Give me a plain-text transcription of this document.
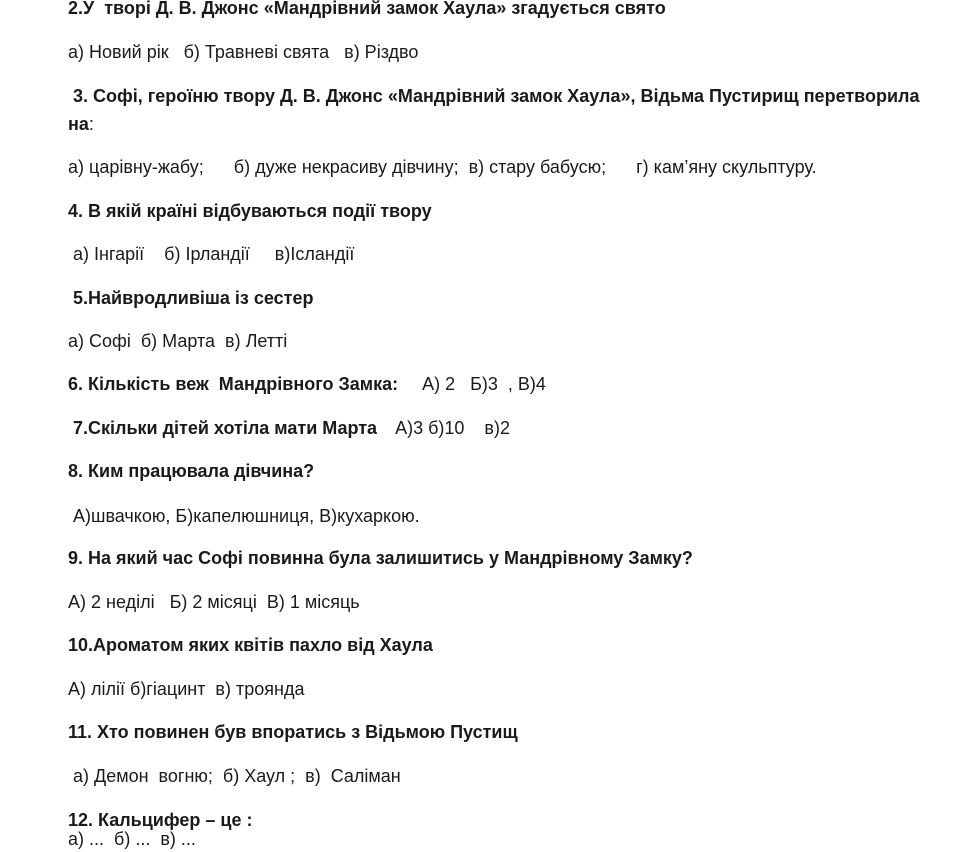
2.У  творі Д. В. Джонс «Мандрівний замок Хаула» згадується свято
а) Новий рік   б) Травневі свята   в) Різдво
3. Софі, героїню твору Д. В. Джонс «Мандрівний замок Хаула», Відьма Пустирищ перетворила
на:
а) царівну-жабу;      б) дуже некрасиву дівчину;  в) стару бабусю;      г) кам’яну скульптуру.
4. В якій країні відбуваються події твору
а) Інгарії    б) Ірландії     в)Ісландії
5.Найвродливіша із сестер
а) Софі  б) Марта  в) Летті
6. Кількість веж  Мандрівного Замка: А) 2   Б)3  , В)4
7.Скільки дітей хотіла мати Марта А)3 б)10    в)2
8. Ким працювала дівчина?
А)швачкою, Б)капелюшниця, В)кухаркою.
9. На який час Софі повинна була залишитись у Мандрівному Замку?
А) 2 неділі   Б) 2 місяці  В) 1 місяць
10.Ароматом яких квітів пахло від Хаула
А) лілії б)гіацинт  в) троянда
11. Хто повинен був впоратись з Відьмою Пустищ
а) Демон  вогню;  б) Хаул ;  в)  Саліман
12. Кальцифер – це :
а) ...  б) ...  в) ...
